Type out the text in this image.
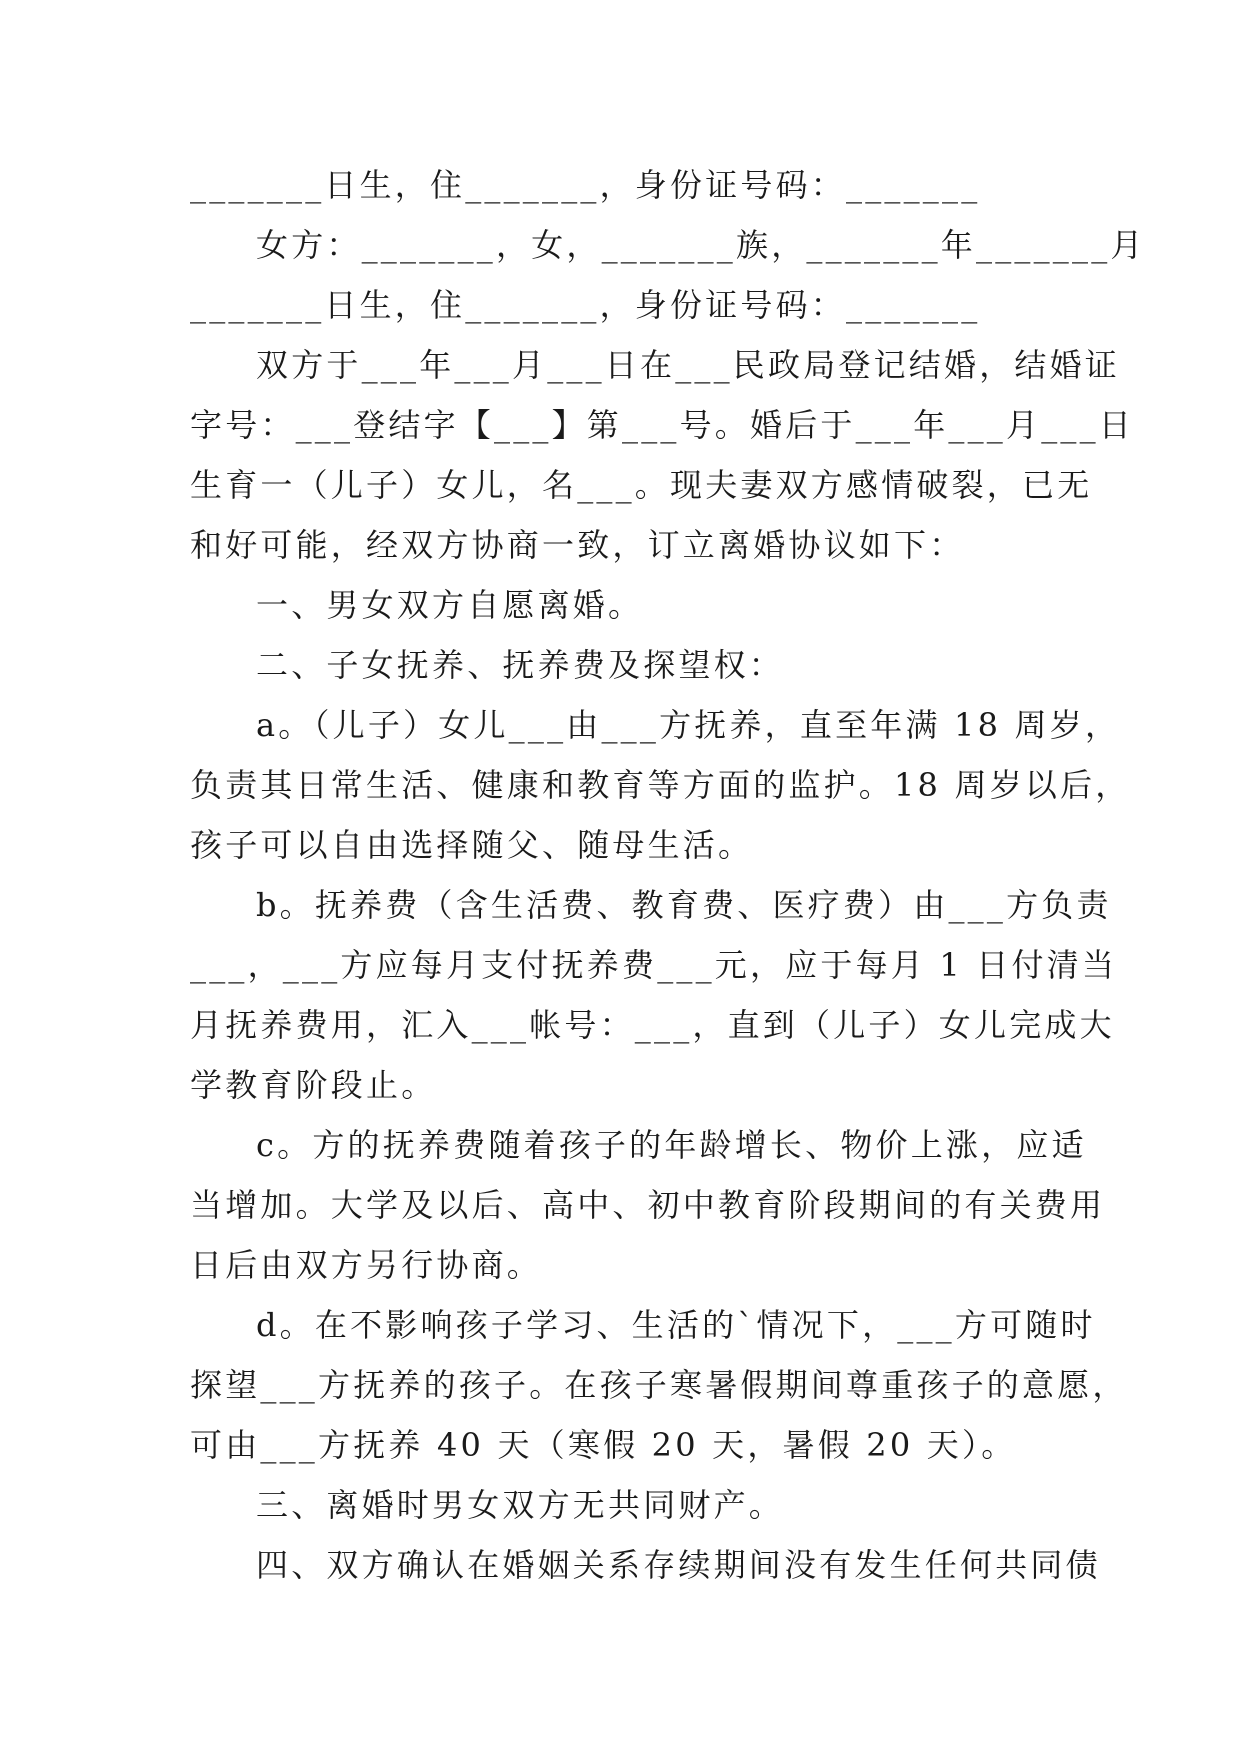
_______日生，住_______，身份证号码：_______
女方：_______，女，_______族，_______年_______月
_______日生，住_______，身份证号码：_______
双方于___年___月___日在___民政局登记结婚，结婚证
字号：___登结字【___】第___号。婚后于___年___月___日
生育一（儿子）女儿，名___。现夫妻双方感情破裂，已无
和好可能，经双方协商一致，订立离婚协议如下：
一、男女双方自愿离婚。
二、子女抚养、抚养费及探望权：
a。（儿子）女儿___由___方抚养，直至年满 18 周岁，
负责其日常生活、健康和教育等方面的监护。18 周岁以后，
孩子可以自由选择随父、随母生活。
b。抚养费（含生活费、教育费、医疗费）由___方负责
___，___方应每月支付抚养费___元，应于每月 1 日付清当
月抚养费用，汇入___帐号：___，直到（儿子）女儿完成大
学教育阶段止。
c。方的抚养费随着孩子的年龄增长、物价上涨，应适
当增加。大学及以后、高中、初中教育阶段期间的有关费用
日后由双方另行协商。
d。在不影响孩子学习、生活的`情况下，___方可随时
探望___方抚养的孩子。在孩子寒暑假期间尊重孩子的意愿，
可由___方抚养 40 天（寒假 20 天，暑假 20 天）。
三、离婚时男女双方无共同财产。
四、双方确认在婚姻关系存续期间没有发生任何共同债
